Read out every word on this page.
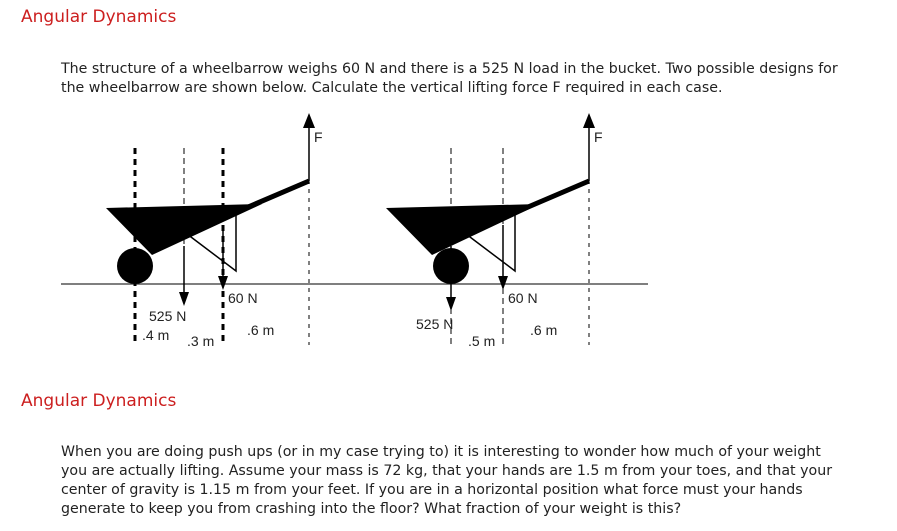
Angular Dynamics

The structure of a wheelbarrow weighs 60 N and there is a 525 N load in the bucket. Two possible designs for the wheelbarrow are shown below. Calculate the vertical lifting force F required in each case.

F
525 N
60 N
.4 m .3 m
.6 m
F
525 N
60 N
.5 m
.6 m
Angular Dynamics

When you are doing push ups (or in my case trying to) it is interesting to wonder how much of your weight you are actually lifting. Assume your mass is 72 kg, that your hands are 1.5 m from your toes, and that your center of gravity is 1.15 m from your feet. If you are in a horizontal position what force must your hands generate to keep you from crashing into the floor? What fraction of your weight is this?
